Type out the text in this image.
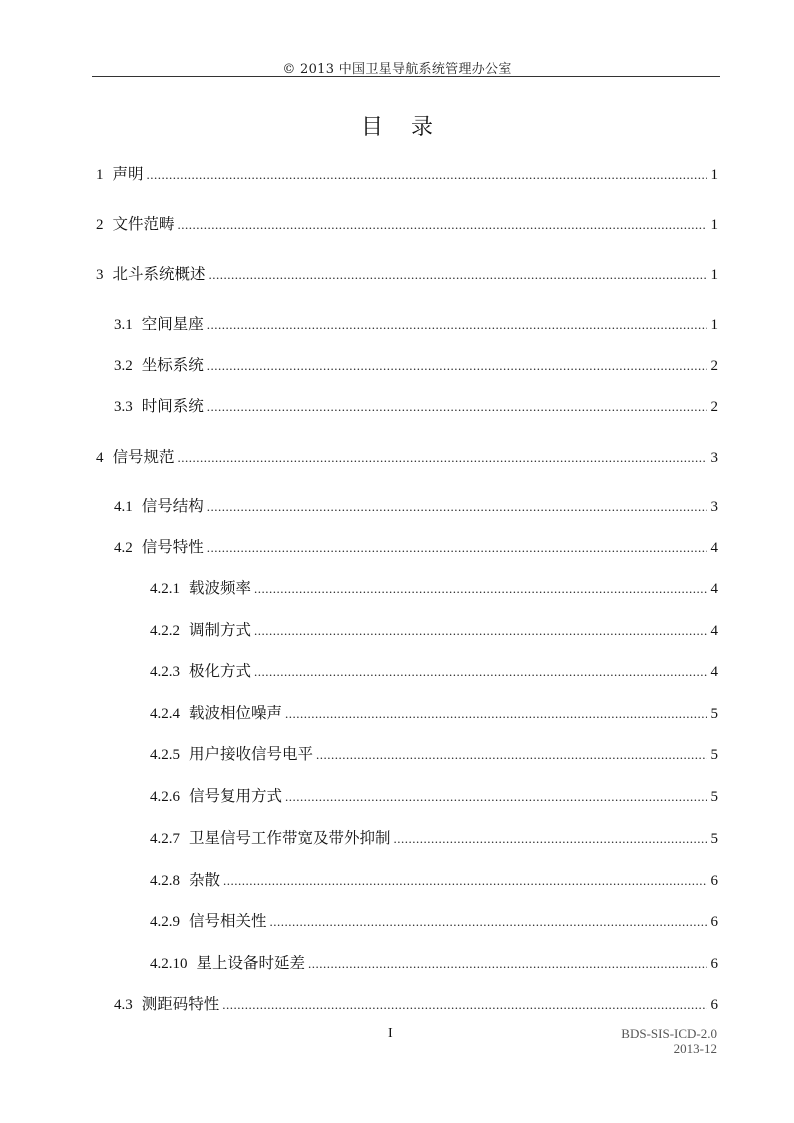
© 2013 中国卫星导航系统管理办公室
目录
1 声明 .....	1
2 文件范畴 .....	1
3 北斗系统概述 .....	1
3.1 空间星座 .....	1
3.2 坐标系统 .....	2
3.3 时间系统 .....	2
4 信号规范 .....	3
4.1 信号结构 .....	3
4.2 信号特性 .....	4
4.2.1 载波频率 .....	4
4.2.2 调制方式 .....	4
4.2.3 极化方式 .....	4
4.2.4 载波相位噪声 .....	5
4.2.5 用户接收信号电平 .....	5
4.2.6 信号复用方式 .....	5
4.2.7 卫星信号工作带宽及带外抑制 .....	5
4.2.8 杂散 .....	6
4.2.9 信号相关性 .....	6
4.2.10 星上设备时延差 .....	6
4.3 测距码特性 .....	6
I	BDS-SIS-ICD-2.0
2013-12
